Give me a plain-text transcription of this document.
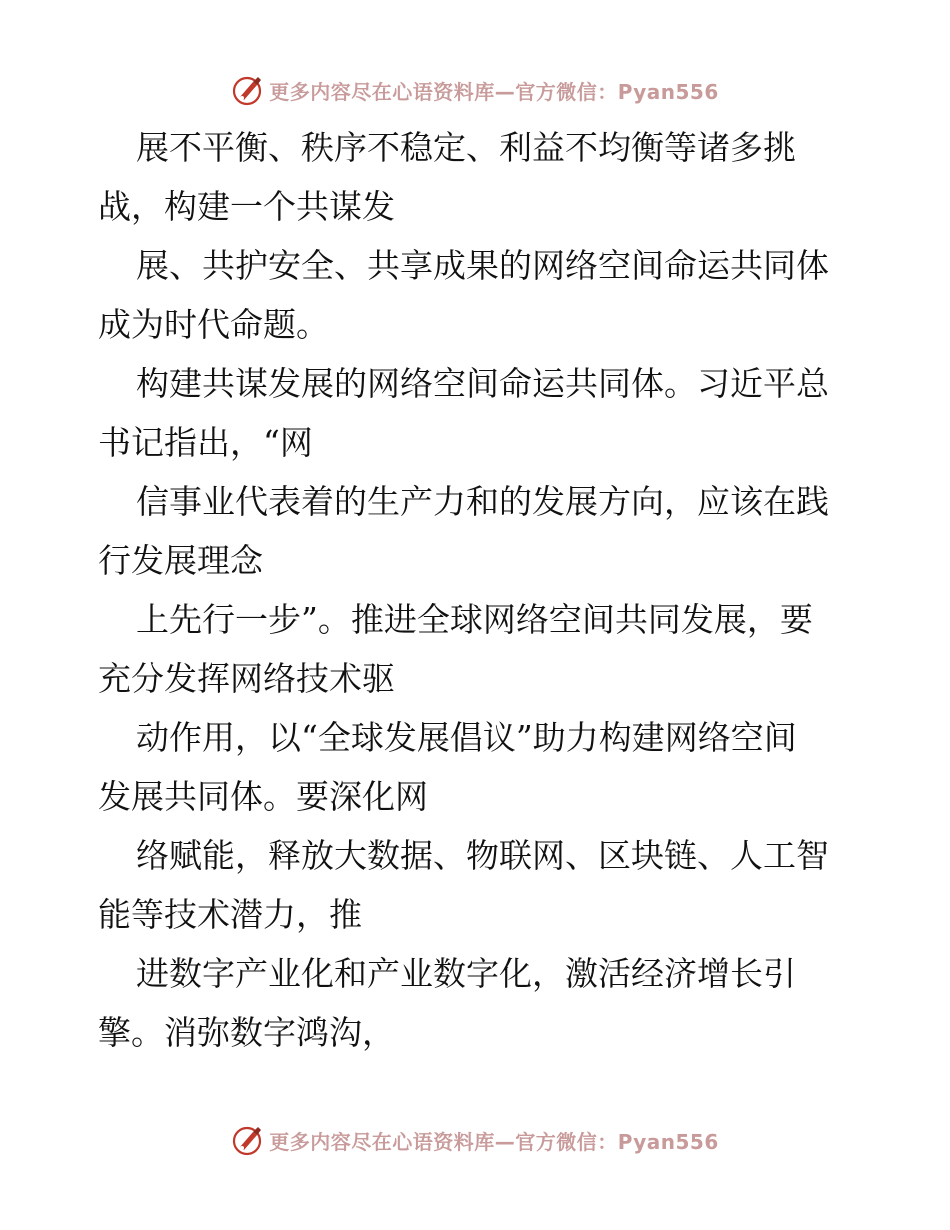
更多内容尽在心语资料库—官方微信：Pyan556
展不平衡、秩序不稳定、利益不均衡等诸多挑
战，构建一个共谋发
展、共护安全、共享成果的网络空间命运共同体
成为时代命题。
构建共谋发展的网络空间命运共同体。习近平总
书记指出，“网
信事业代表着的生产力和的发展方向，应该在践
行发展理念
上先行一步”。推进全球网络空间共同发展，要
充分发挥网络技术驱
动作用，以“全球发展倡议”助力构建网络空间
发展共同体。要深化网
络赋能，释放大数据、物联网、区块链、人工智
能等技术潜力，推
进数字产业化和产业数字化，激活经济增长引
擎。消弥数字鸿沟，
更多内容尽在心语资料库—官方微信：Pyan556
